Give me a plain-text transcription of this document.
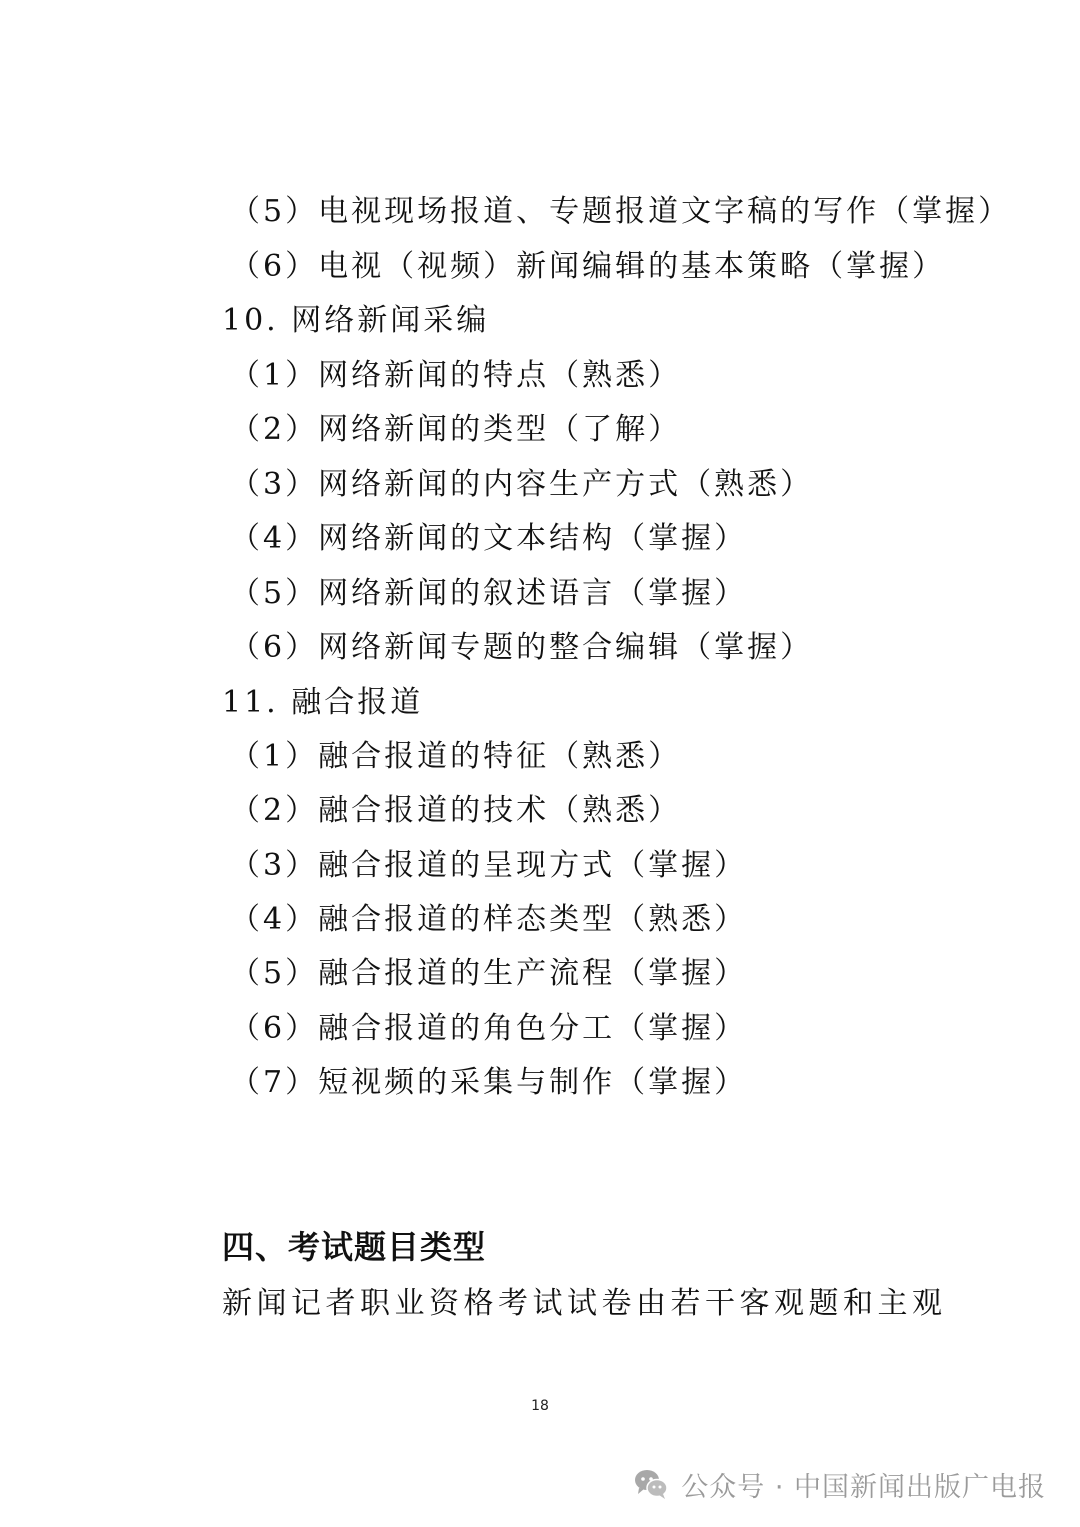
（5）电视现场报道、专题报道文字稿的写作（掌握）
（6）电视（视频）新闻编辑的基本策略（掌握）
10. 网络新闻采编
（1）网络新闻的特点（熟悉）
（2）网络新闻的类型（了解）
（3）网络新闻的内容生产方式（熟悉）
（4）网络新闻的文本结构（掌握）
（5）网络新闻的叙述语言（掌握）
（6）网络新闻专题的整合编辑（掌握）
11. 融合报道
（1）融合报道的特征（熟悉）
（2）融合报道的技术（熟悉）
（3）融合报道的呈现方式（掌握）
（4）融合报道的样态类型（熟悉）
（5）融合报道的生产流程（掌握）
（6）融合报道的角色分工（掌握）
（7）短视频的采集与制作（掌握）
四、考试题目类型
新闻记者职业资格考试试卷由若干客观题和主观
18
公众号 · 中国新闻出版广电报
